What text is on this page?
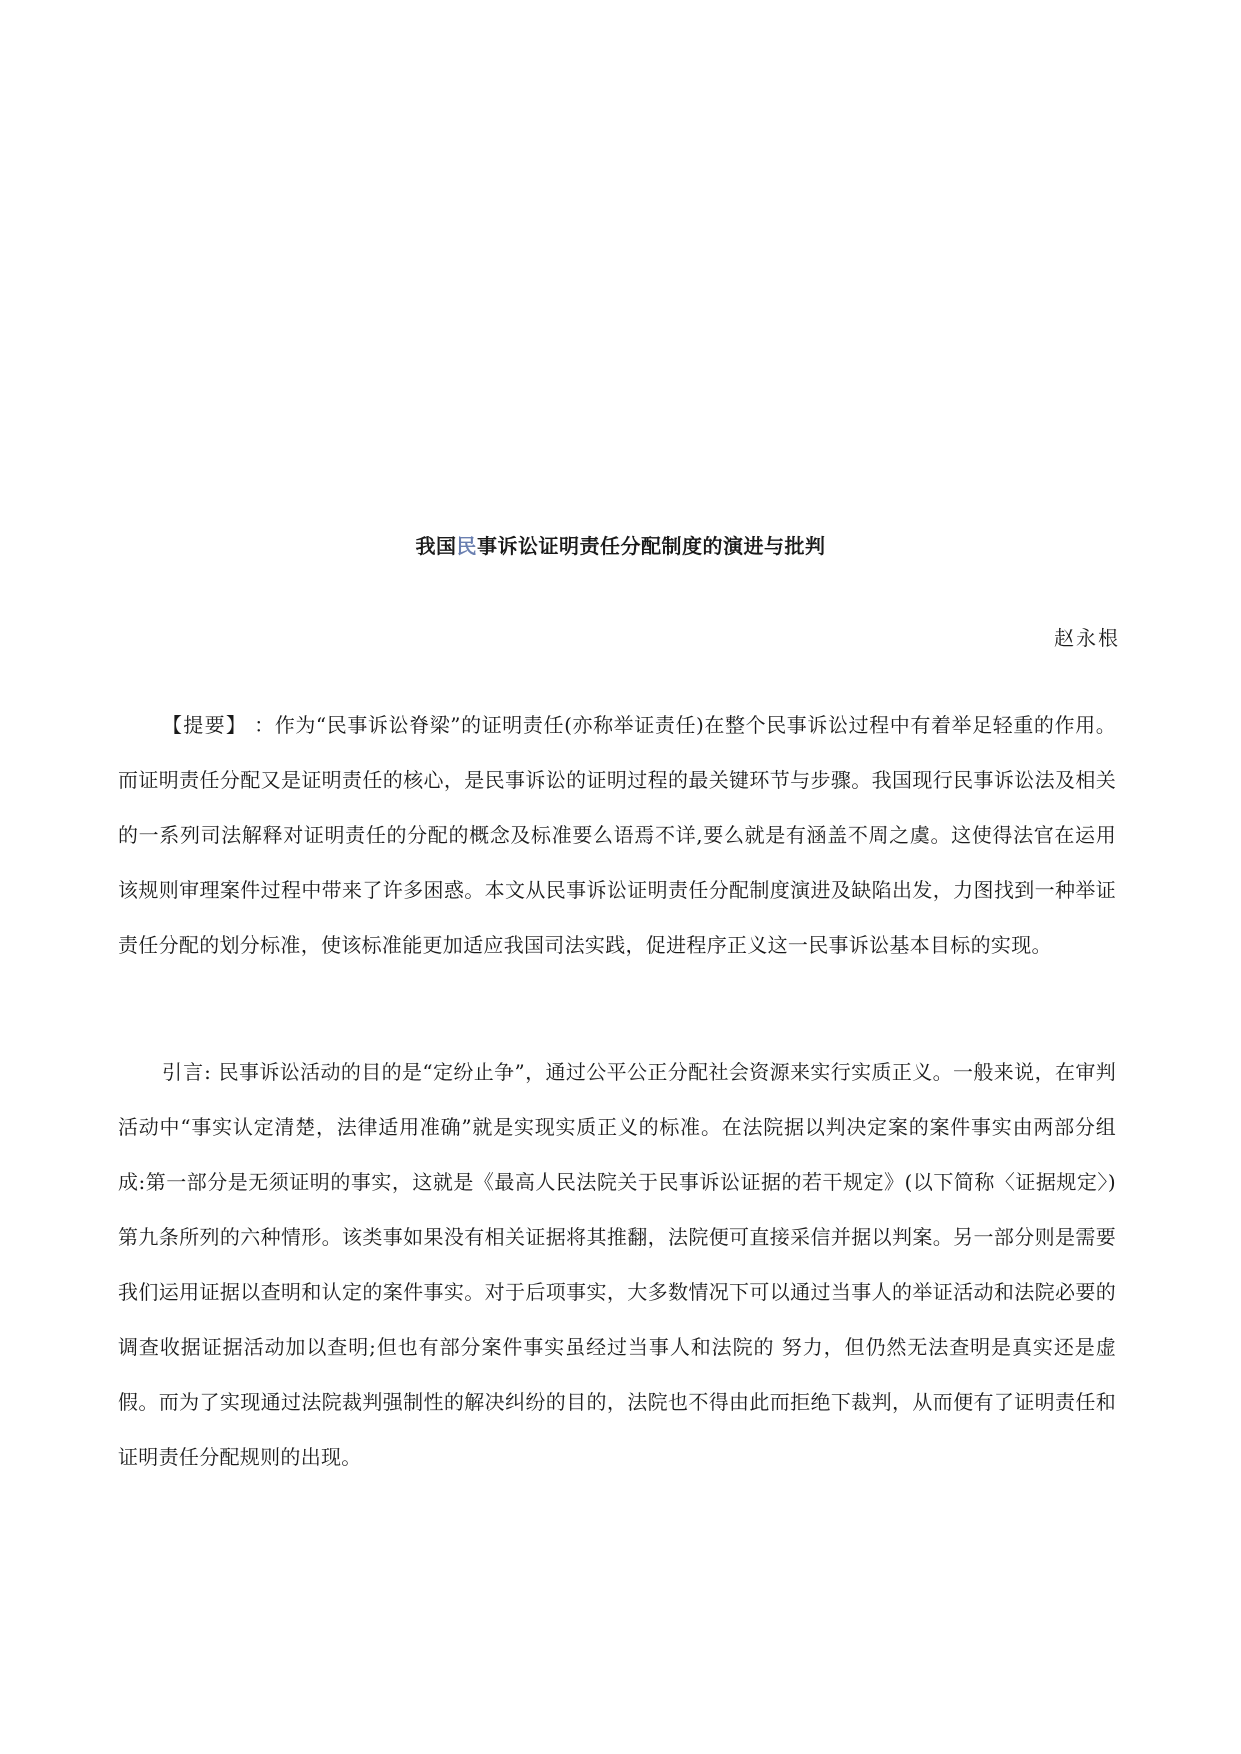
我国民事诉讼证明责任分配制度的演进与批判
赵永根
【提要】 ：作为“民事诉讼脊梁”的证明责任(亦称举证责任)在整个民事诉讼过程中有着举足轻重的作用。而证明责任分配又是证明责任的核心，是民事诉讼的证明过程的最关键环节与步骤。我国现行民事诉讼法及相关的一系列司法解释对证明责任的分配的概念及标准要么语焉不详,要么就是有涵盖不周之虞。这使得法官在运用该规则审理案件过程中带来了许多困惑。本文从民事诉讼证明责任分配制度演进及缺陷出发，力图找到一种举证责任分配的划分标准，使该标准能更加适应我国司法实践，促进程序正义这一民事诉讼基本目标的实现。
引言: 民事诉讼活动的目的是“定纷止争”，通过公平公正分配社会资源来实行实质正义。一般来说，在审判活动中“事实认定清楚，法律适用准确”就是实现实质正义的标准。在法院据以判决定案的案件事实由两部分组成:第一部分是无须证明的事实，这就是《最高人民法院关于民事诉讼证据的若干规定》(以下简称〈证据规定〉)第九条所列的六种情形。该类事如果没有相关证据将其推翻，法院便可直接采信并据以判案。另一部分则是需要我们运用证据以查明和认定的案件事实。对于后项事实，大多数情况下可以通过当事人的举证活动和法院必要的调查收据证据活动加以查明;但也有部分案件事实虽经过当事人和法院的 努力，但仍然无法查明是真实还是虚假。而为了实现通过法院裁判强制性的解决纠纷的目的，法院也不得由此而拒绝下裁判，从而便有了证明责任和证明责任分配规则的出现。
